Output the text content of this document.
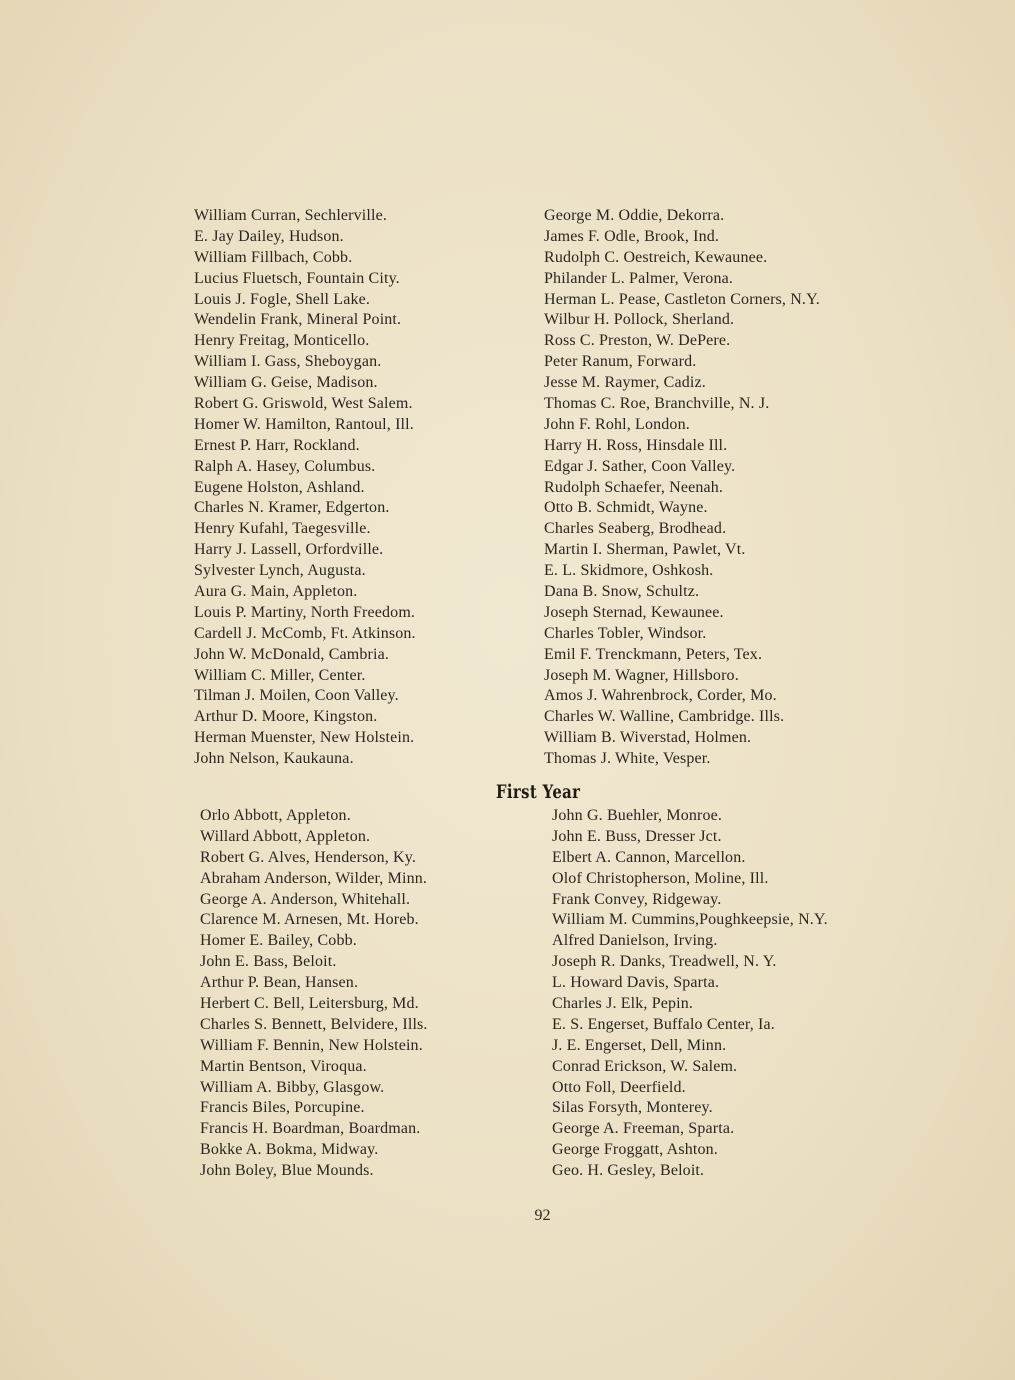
William Curran, Sechlerville.
E. Jay Dailey, Hudson.
William Fillbach, Cobb.
Lucius Fluetsch, Fountain City.
Louis J. Fogle, Shell Lake.
Wendelin Frank, Mineral Point.
Henry Freitag, Monticello.
William I. Gass, Sheboygan.
William G. Geise, Madison.
Robert G. Griswold, West Salem.
Homer W. Hamilton, Rantoul, Ill.
Ernest P. Harr, Rockland.
Ralph A. Hasey, Columbus.
Eugene Holston, Ashland.
Charles N. Kramer, Edgerton.
Henry Kufahl, Taegesville.
Harry J. Lassell, Orfordville.
Sylvester Lynch, Augusta.
Aura G. Main, Appleton.
Louis P. Martiny, North Freedom.
Cardell J. McComb, Ft. Atkinson.
John W. McDonald, Cambria.
William C. Miller, Center.
Tilman J. Moilen, Coon Valley.
Arthur D. Moore, Kingston.
Herman Muenster, New Holstein.
John Nelson, Kaukauna.
George M. Oddie, Dekorra.
James F. Odle, Brook, Ind.
Rudolph C. Oestreich, Kewaunee.
Philander L. Palmer, Verona.
Herman L. Pease, Castleton Corners, N.Y.
Wilbur H. Pollock, Sherland.
Ross C. Preston, W. DePere.
Peter Ranum, Forward.
Jesse M. Raymer, Cadiz.
Thomas C. Roe, Branchville, N. J.
John F. Rohl, London.
Harry H. Ross, Hinsdale Ill.
Edgar J. Sather, Coon Valley.
Rudolph Schaefer, Neenah.
Otto B. Schmidt, Wayne.
Charles Seaberg, Brodhead.
Martin I. Sherman, Pawlet, Vt.
E. L. Skidmore, Oshkosh.
Dana B. Snow, Schultz.
Joseph Sternad, Kewaunee.
Charles Tobler, Windsor.
Emil F. Trenckmann, Peters, Tex.
Joseph M. Wagner, Hillsboro.
Amos J. Wahrenbrock, Corder, Mo.
Charles W. Walline, Cambridge. Ills.
William B. Wiverstad, Holmen.
Thomas J. White, Vesper.
First Year
Orlo Abbott, Appleton.
Willard Abbott, Appleton.
Robert G. Alves, Henderson, Ky.
Abraham Anderson, Wilder, Minn.
George A. Anderson, Whitehall.
Clarence M. Arnesen, Mt. Horeb.
Homer E. Bailey, Cobb.
John E. Bass, Beloit.
Arthur P. Bean, Hansen.
Herbert C. Bell, Leitersburg, Md.
Charles S. Bennett, Belvidere, Ills.
William F. Bennin, New Holstein.
Martin Bentson, Viroqua.
William A. Bibby, Glasgow.
Francis Biles, Porcupine.
Francis H. Boardman, Boardman.
Bokke A. Bokma, Midway.
John Boley, Blue Mounds.
John G. Buehler, Monroe.
John E. Buss, Dresser Jct.
Elbert A. Cannon, Marcellon.
Olof Christopherson, Moline, Ill.
Frank Convey, Ridgeway.
William M. Cummins,Poughkeepsie, N.Y.
Alfred Danielson, Irving.
Joseph R. Danks, Treadwell, N. Y.
L. Howard Davis, Sparta.
Charles J. Elk, Pepin.
E. S. Engerset, Buffalo Center, Ia.
J. E. Engerset, Dell, Minn.
Conrad Erickson, W. Salem.
Otto Foll, Deerfield.
Silas Forsyth, Monterey.
George A. Freeman, Sparta.
George Froggatt, Ashton.
Geo. H. Gesley, Beloit.
92
